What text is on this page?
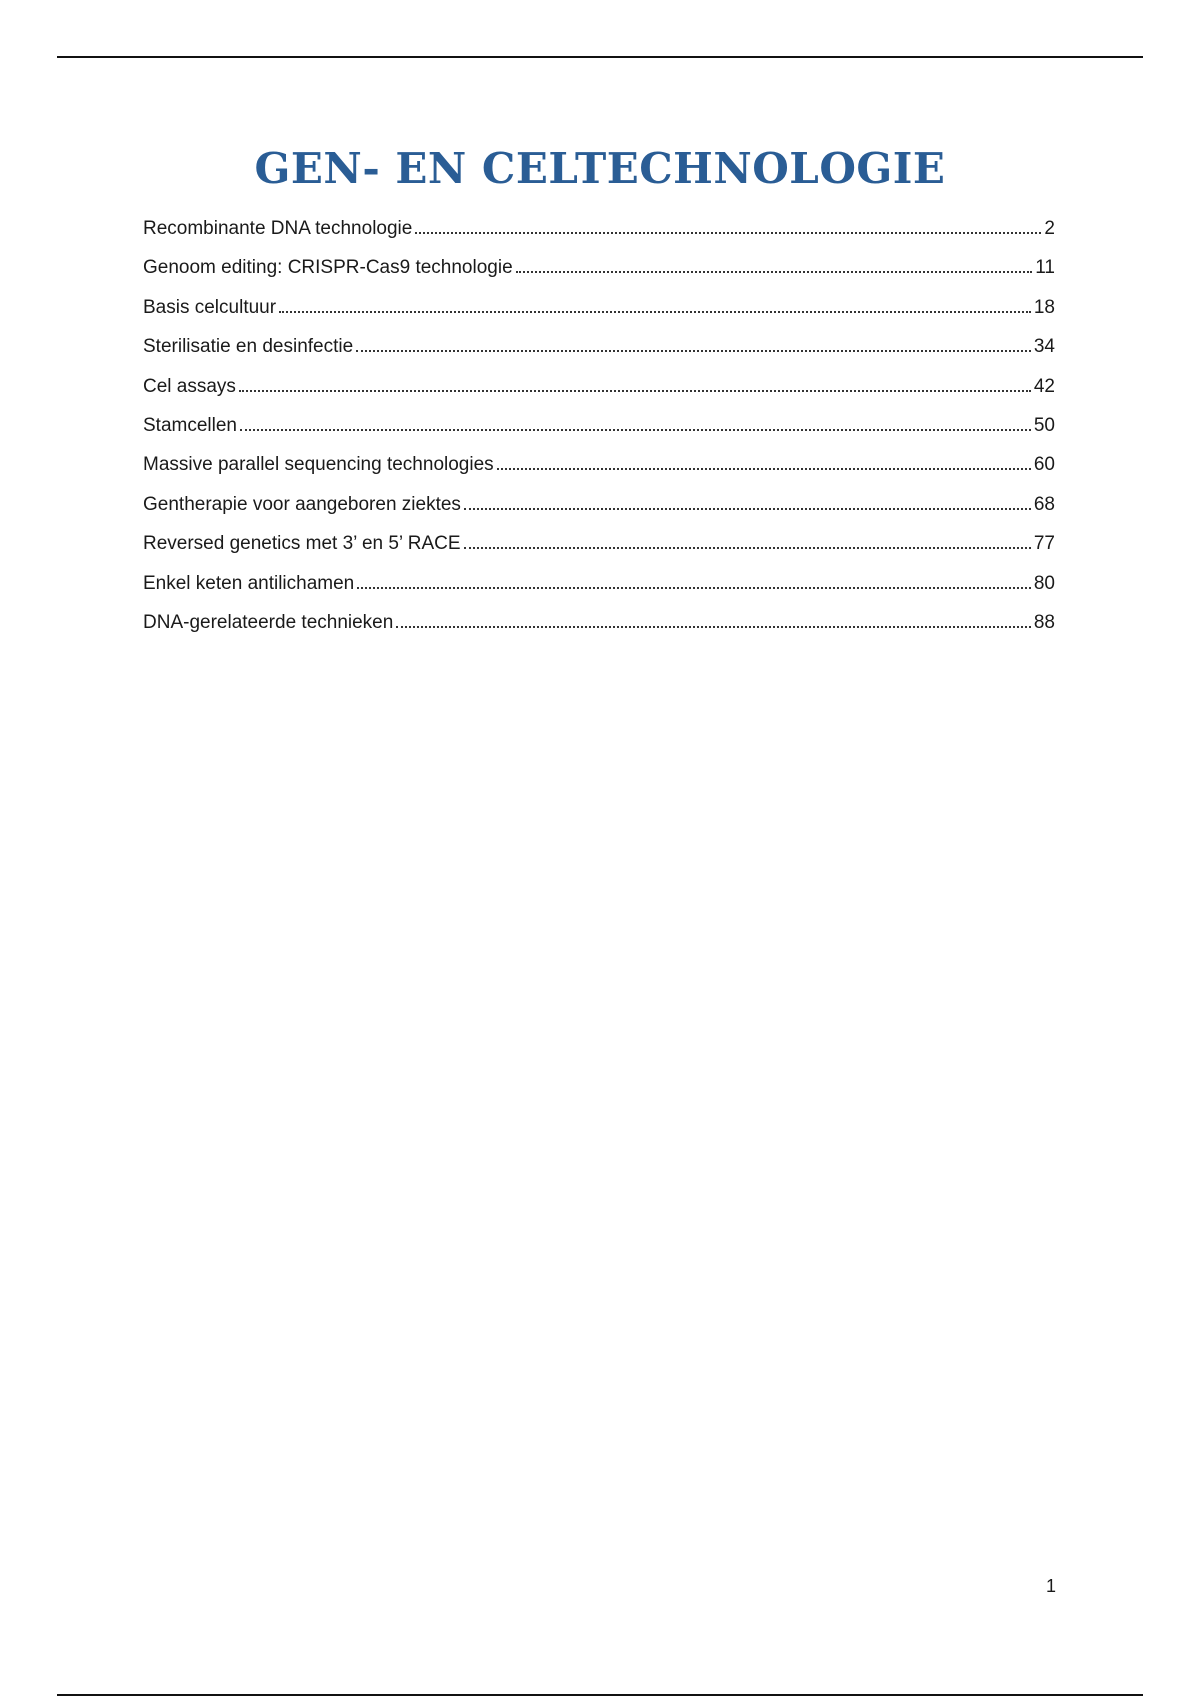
GEN- EN CELTECHNOLOGIE
Recombinante DNA technologie	2
Genoom editing: CRISPR-Cas9 technologie	11
Basis celcultuur	18
Sterilisatie en desinfectie	34
Cel assays	42
Stamcellen	50
Massive parallel sequencing technologies	60
Gentherapie voor aangeboren ziektes	68
Reversed genetics met 3’ en 5’ RACE	77
Enkel keten antilichamen	80
DNA-gerelateerde technieken	88
1
